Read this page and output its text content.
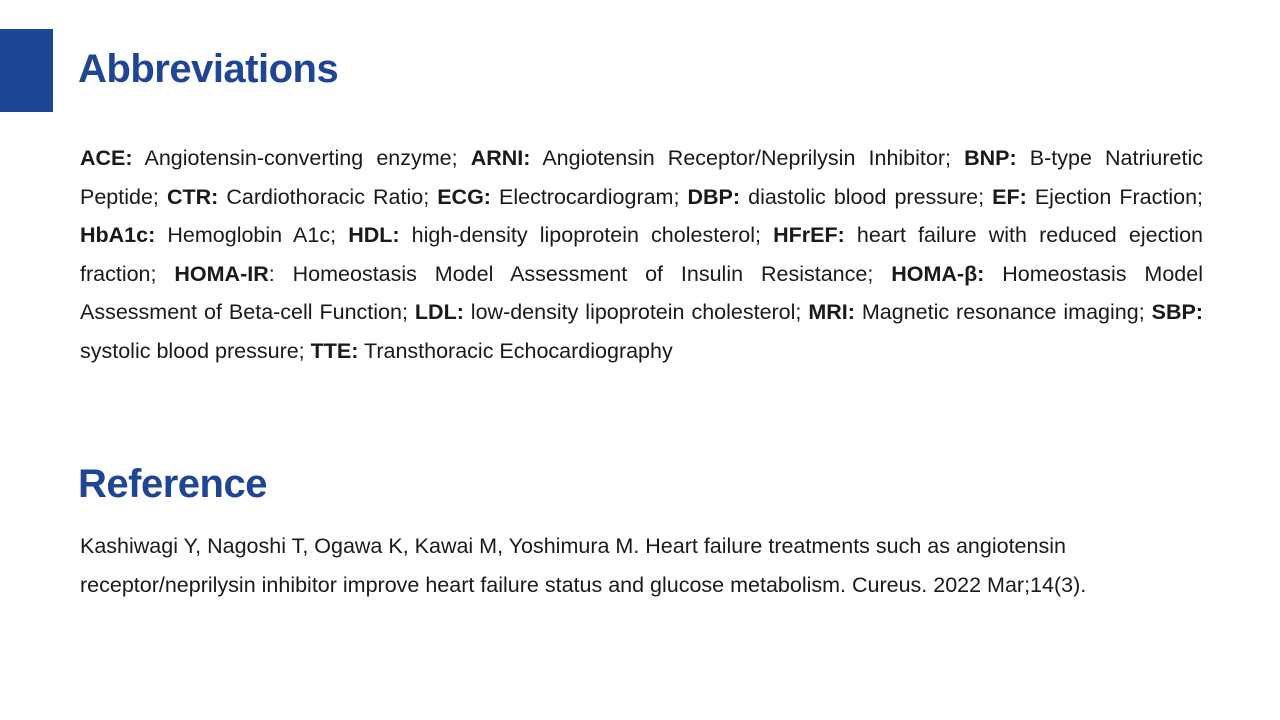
Abbreviations

ACE: Angiotensin-converting enzyme; ARNI: Angiotensin Receptor/Neprilysin Inhibitor; BNP: B-type Natriuretic Peptide; CTR: Cardiothoracic Ratio; ECG: Electrocardiogram; DBP: diastolic blood pressure; EF: Ejection Fraction; HbA1c: Hemoglobin A1c; HDL: high-density lipoprotein cholesterol; HFrEF: heart failure with reduced ejection fraction; HOMA-IR: Homeostasis Model Assessment of Insulin Resistance; HOMA-β: Homeostasis Model Assessment of Beta-cell Function; LDL: low-density lipoprotein cholesterol; MRI: Magnetic resonance imaging; SBP: systolic blood pressure; TTE: Transthoracic Echocardiography

Reference

Kashiwagi Y, Nagoshi T, Ogawa K, Kawai M, Yoshimura M. Heart failure treatments such as angiotensin receptor/neprilysin inhibitor improve heart failure status and glucose metabolism. Cureus. 2022 Mar;14(3).
